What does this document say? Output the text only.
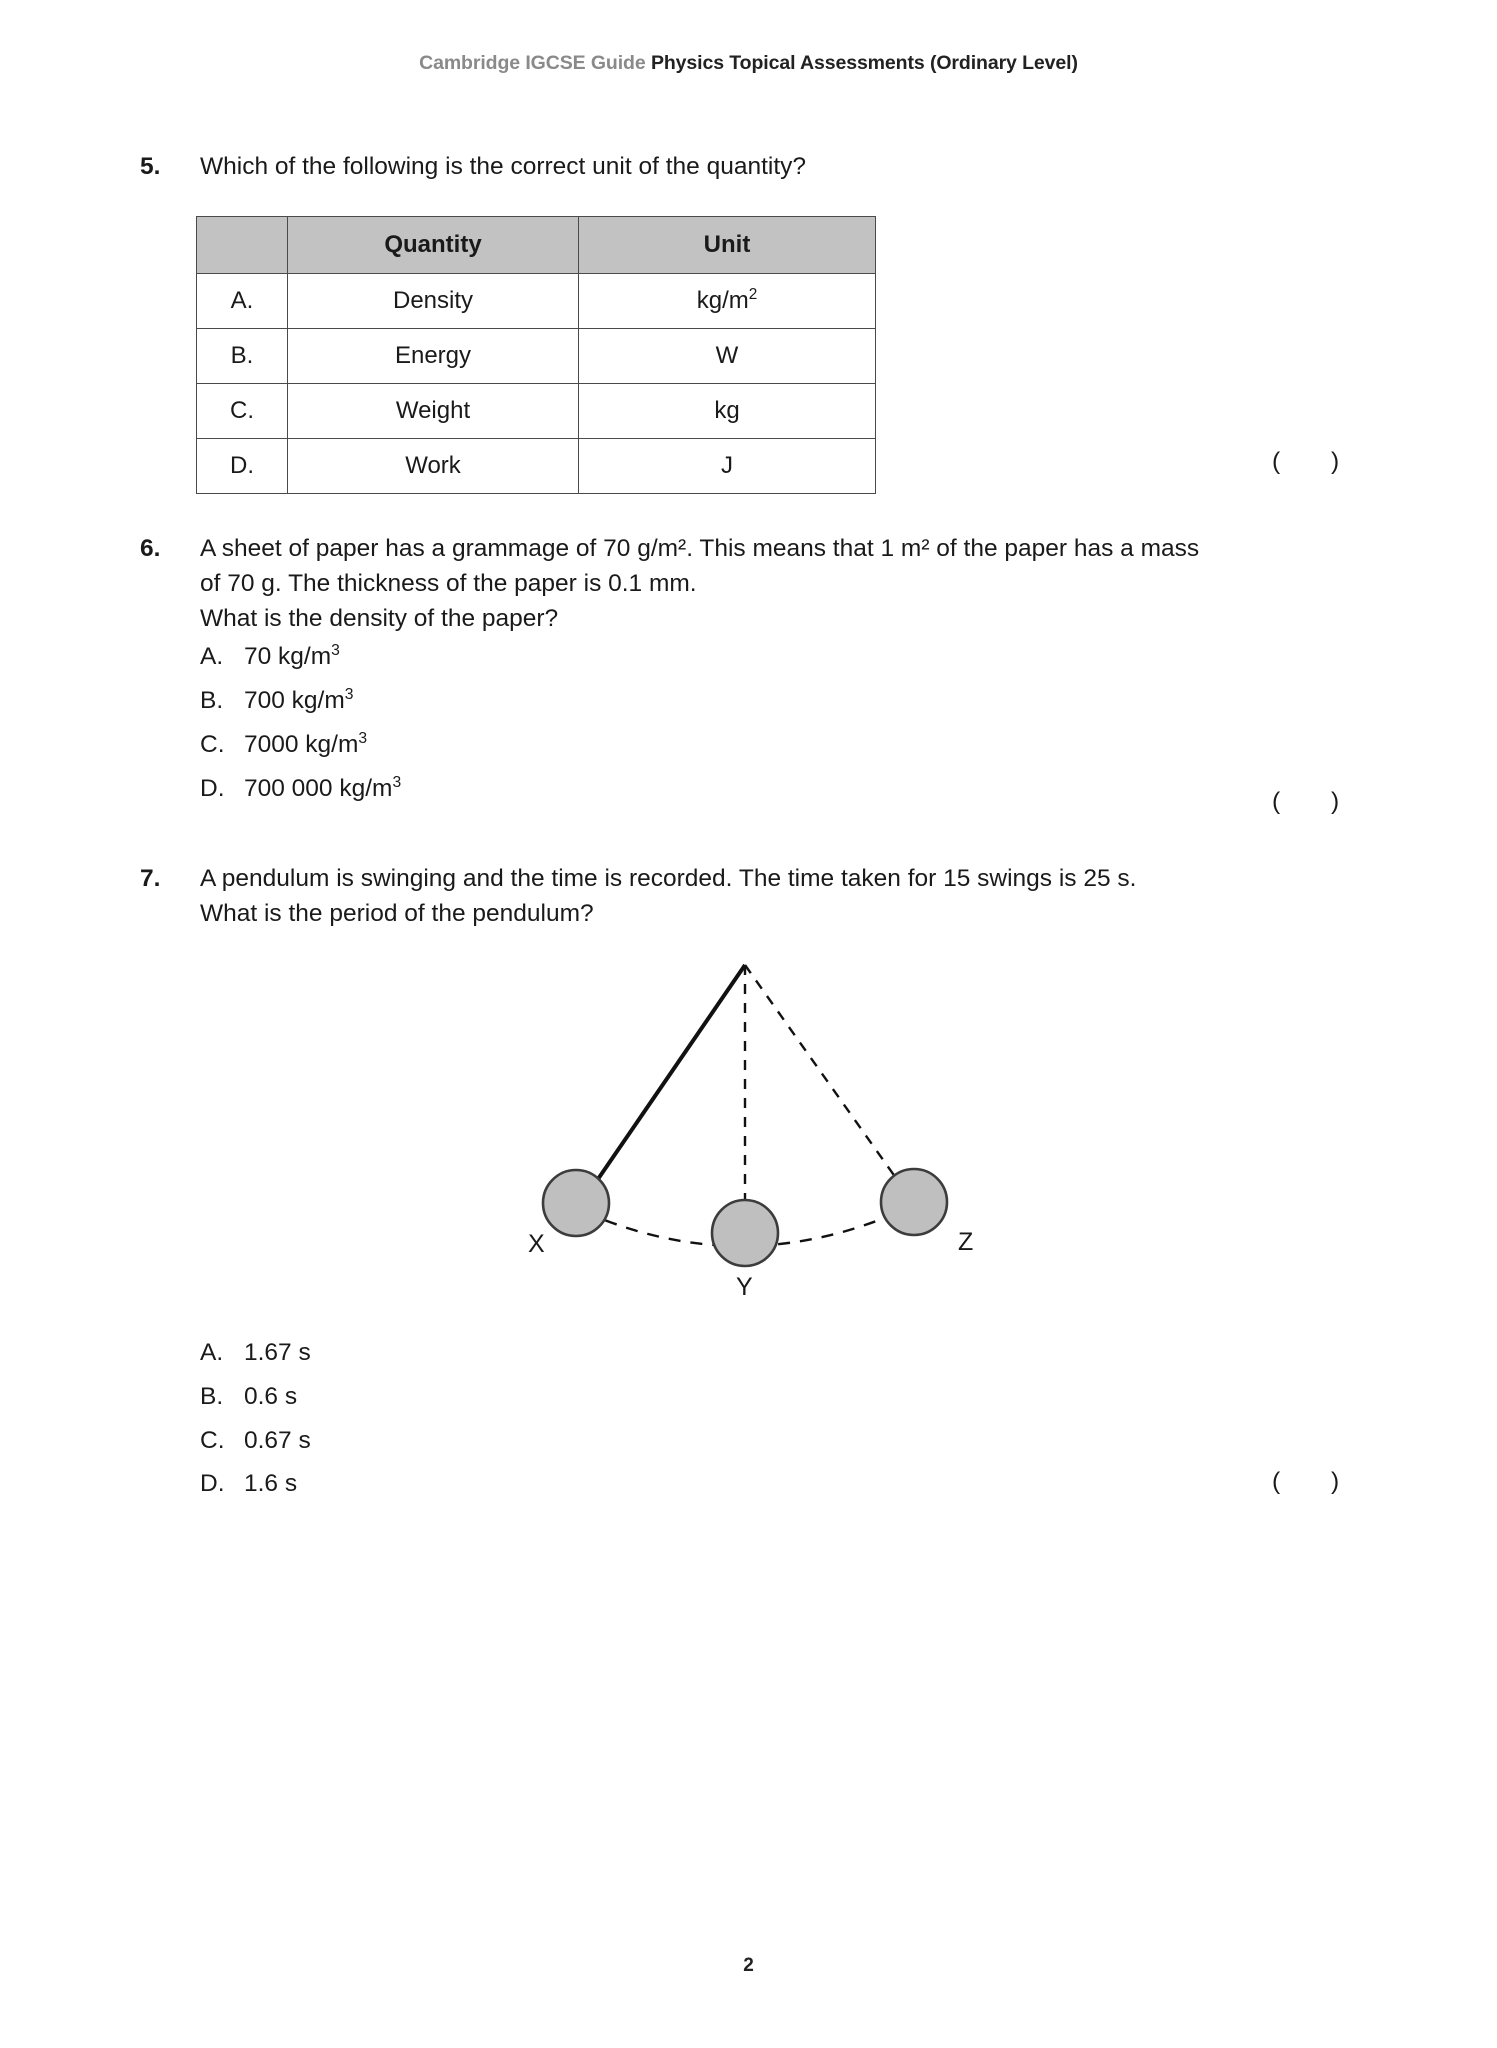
Cambridge IGCSE Guide Physics Topical Assessments (Ordinary Level)
5.	Which of the following is the correct unit of the quantity?
	Quantity	Unit
A.	Density	$kg/m^2$
B.	Energy	W
C.	Weight	kg
D.	Work	J	( )
6.	A sheet of paper has a grammage of 70 g/m². This means that 1 m² of the paper has a mass
of 70 g. The thickness of the paper is 0.1 mm.
What is the density of the paper?
A. 70 $kg/m^3$
B. 700 $kg/m^3$
C. 7000 $kg/m^3$
D. 700 000 $kg/m^3$
( )
7.	A pendulum is swinging and the time is recorded. The time taken for 15 swings is 25 s.
What is the period of the pendulum?
X
Y
Z
A. 1.67 s
B. 0.6 s
C. 0.67 s
D. 1.6 s	( )
2
